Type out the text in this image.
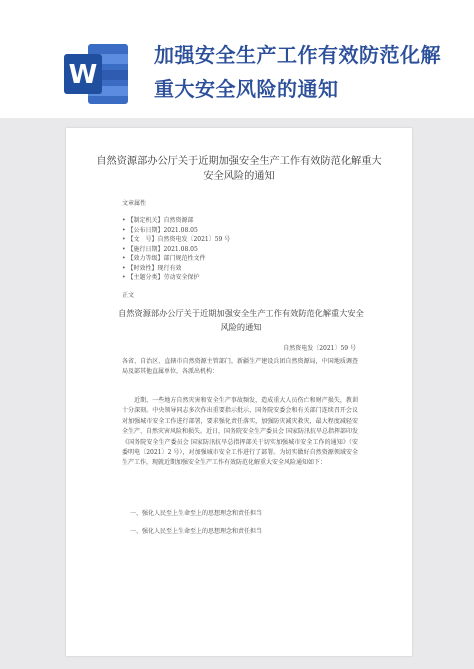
W
加强安全生产工作有效防范化解重大安全风险的通知
自然资源部办公厅关于近期加强安全生产工作有效防范化解重大安全风险的通知
文章属性
• 【制定机关】自然资源部
• 【公布日期】2021.08.05
• 【文　号】自然资电发〔2021〕59 号
• 【施行日期】2021.08.05
• 【效力等级】部门规范性文件
• 【时效性】现行有效
• 【主题分类】劳动安全保护
正文
自然资源部办公厅关于近期加强安全生产工作有效防范化解重大安全风险的通知
自然资电发〔2021〕59 号
各省、自治区、直辖市自然资源主管部门，新疆生产建设兵团自然资源局，中国地质调查局及部其他直属单位，各派出机构：
近期，一些地方自然灾害和安全生产事故频发，造成重大人员伤亡和财产损失，教训十分深刻。中央领导同志多次作出重要指示批示，国务院安委会和有关部门连续召开会议对加强城市安全工作进行部署，要求强化责任落实，加强防灾减灾救灾，最大程度减轻安全生产、自然灾害风险和损失。近日，国务院安全生产委员会 国家防汛抗旱总指挥部印发《国务院安全生产委员会 国家防汛抗旱总指挥部关于切实加强城市安全工作的通知》（安委明电〔2021〕2 号），对加强城市安全工作进行了部署。为切实做好自然资源领域安全生产工作，现就近期加强安全生产工作有效防范化解重大安全风险通知如下：
一、强化人民至上生命至上的思想理念和责任担当
一、强化人民至上生命至上的思想理念和责任担当
